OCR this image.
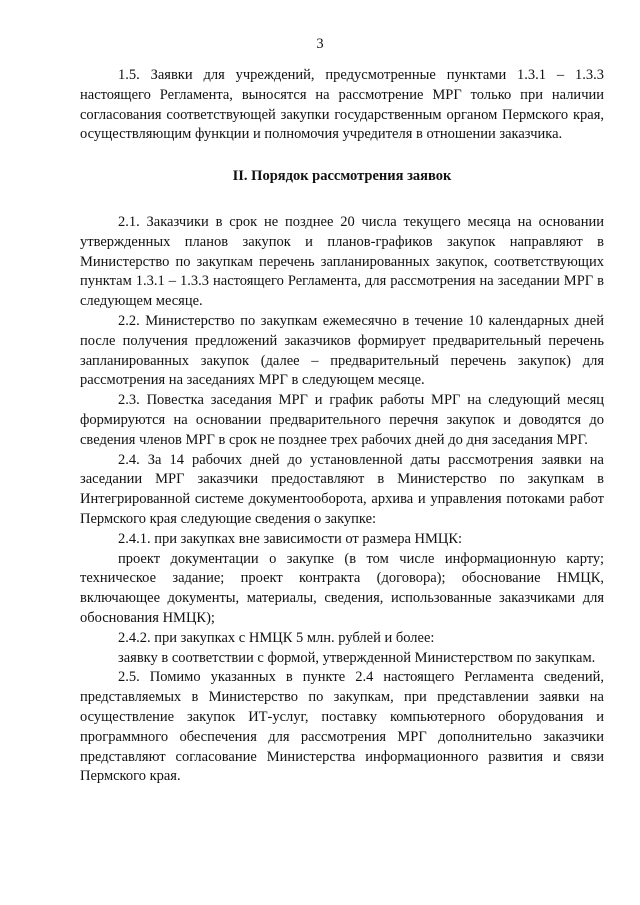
3

1.5. Заявки для учреждений, предусмотренные пунктами 1.3.1 – 1.3.3 настоящего Регламента, выносятся на рассмотрение МРГ только при наличии согласования соответствующей закупки государственным органом Пермского края, осуществляющим функции и полномочия учредителя в отношении заказчика.

II. Порядок рассмотрения заявок

2.1. Заказчики в срок не позднее 20 числа текущего месяца на основании утвержденных планов закупок и планов-графиков закупок направляют в Министерство по закупкам перечень запланированных закупок, соответствующих пунктам 1.3.1 – 1.3.3 настоящего Регламента, для рассмотрения на заседании МРГ в следующем месяце.

2.2. Министерство по закупкам ежемесячно в течение 10 календарных дней после получения предложений заказчиков формирует предварительный перечень запланированных закупок (далее – предварительный перечень закупок) для рассмотрения на заседаниях МРГ в следующем месяце.

2.3. Повестка заседания МРГ и график работы МРГ на следующий месяц формируются на основании предварительного перечня закупок и доводятся до сведения членов МРГ в срок не позднее трех рабочих дней до дня заседания МРГ.

2.4. За 14 рабочих дней до установленной даты рассмотрения заявки на заседании МРГ заказчики предоставляют в Министерство по закупкам в Интегрированной системе документооборота, архива и управления потоками работ Пермского края следующие сведения о закупке:

2.4.1. при закупках вне зависимости от размера НМЦК:

проект документации о закупке (в том числе информационную карту; техническое задание; проект контракта (договора); обоснование НМЦК, включающее документы, материалы, сведения, использованные заказчиками для обоснования НМЦК);

2.4.2. при закупках с НМЦК 5 млн. рублей и более:

заявку в соответствии с формой, утвержденной Министерством по закупкам.

2.5. Помимо указанных в пункте 2.4 настоящего Регламента сведений, представляемых в Министерство по закупкам, при представлении заявки на осуществление закупок ИТ-услуг, поставку компьютерного оборудования и программного обеспечения для рассмотрения МРГ дополнительно заказчики представляют согласование Министерства информационного развития и связи Пермского края.
